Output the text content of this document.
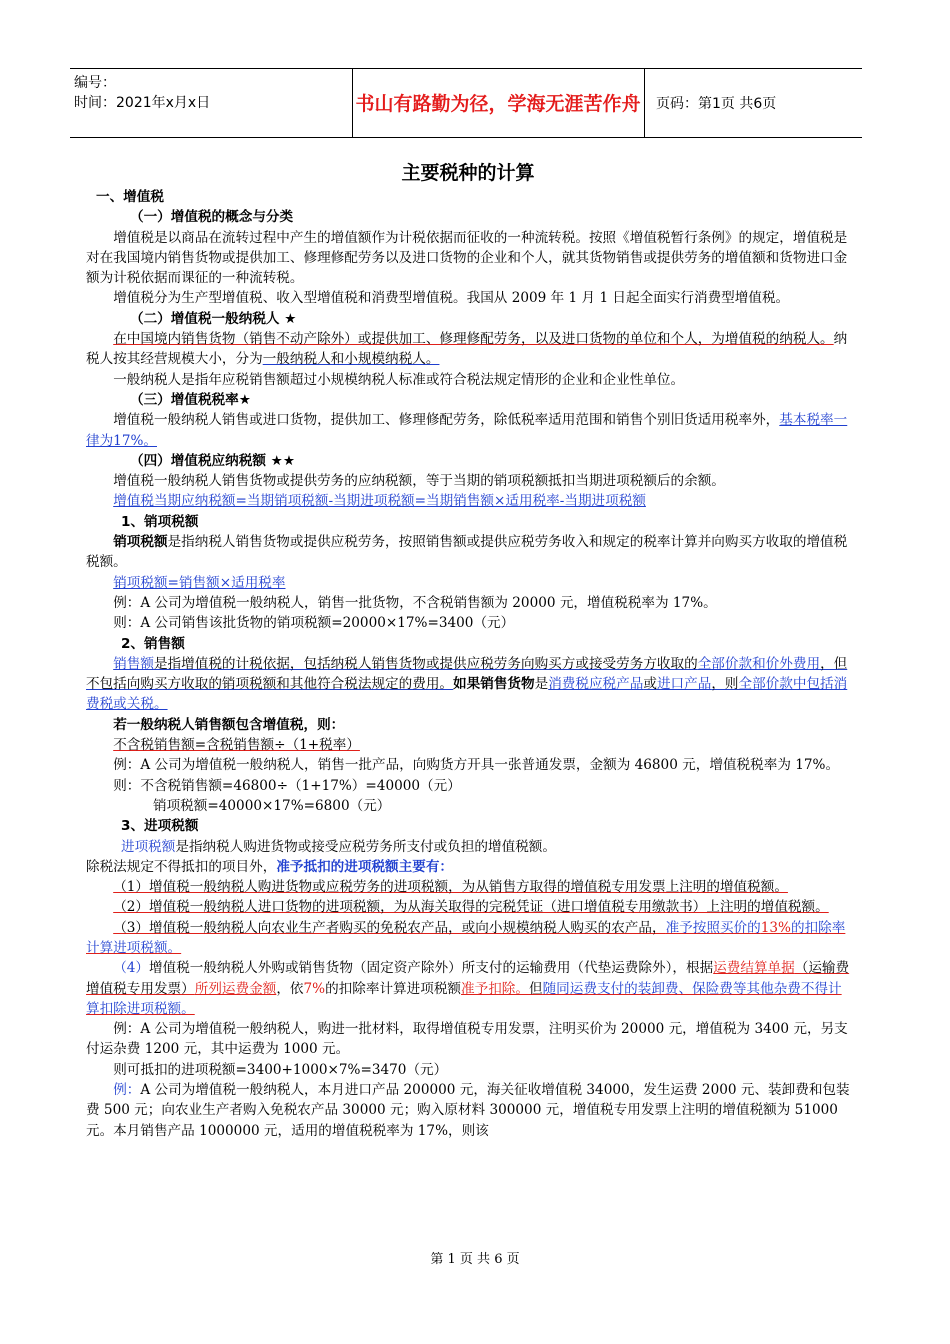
编号：
时间：2021年x月x日	书山有路勤为径，学海无涯苦作舟 页码：第1页 共6页
主要税种的计算

一、增值税

（一）增值税的概念与分类

增值税是以商品在流转过程中产生的增值额作为计税依据而征收的一种流转税。按照《增值税暂行条例》的规定，增值税是对在我国境内销售货物或提供加工、修理修配劳务以及进口货物的企业和个人，就其货物销售或提供劳务的增值额和货物进口金额为计税依据而课征的一种流转税。

增值税分为生产型增值税、收入型增值税和消费型增值税。我国从 2009 年 1 月 1 日起全面实行消费型增值税。

（二）增值税一般纳税人 ★

在中国境内销售货物（销售不动产除外）或提供加工、修理修配劳务，以及进口货物的单位和个人，为增值税的纳税人。纳税人按其经营规模大小，分为一般纳税人和小规模纳税人。

一般纳税人是指年应税销售额超过小规模纳税人标准或符合税法规定情形的企业和企业性单位。

（三）增值税税率★

增值税一般纳税人销售或进口货物，提供加工、修理修配劳务，除低税率适用范围和销售个别旧货适用税率外，基本税率一律为17%。

（四）增值税应纳税额 ★★

增值税一般纳税人销售货物或提供劳务的应纳税额，等于当期的销项税额抵扣当期进项税额后的余额。

增值税当期应纳税额=当期销项税额-当期进项税额=当期销售额×适用税率-当期进项税额

1、销项税额

销项税额是指纳税人销售货物或提供应税劳务，按照销售额或提供应税劳务收入和规定的税率计算并向购买方收取的增值税税额。

销项税额=销售额×适用税率

例：A 公司为增值税一般纳税人，销售一批货物，不含税销售额为 20000 元，增值税税率为 17%。

则：A 公司销售该批货物的销项税额=20000×17%=3400（元）

2、销售额

销售额是指增值税的计税依据，包括纳税人销售货物或提供应税劳务向购买方或接受劳务方收取的全部价款和价外费用，但不包括向购买方收取的销项税额和其他符合税法规定的费用。如果销售货物是消费税应税产品或进口产品，则全部价款中包括消费税或关税。

若一般纳税人销售额包含增值税，则：

不含税销售额=含税销售额÷（1+税率）

例：A 公司为增值税一般纳税人，销售一批产品，向购货方开具一张普通发票，金额为 46800 元，增值税税率为 17%。

则：不含税销售额=46800÷（1+17%）=40000（元）

销项税额=40000×17%=6800（元）

3、进项税额

进项税额是指纳税人购进货物或接受应税劳务所支付或负担的增值税额。

除税法规定不得抵扣的项目外，准予抵扣的进项税额主要有：

（1）增值税一般纳税人购进货物或应税劳务的进项税额，为从销售方取得的增值税专用发票上注明的增值税额。

（2）增值税一般纳税人进口货物的进项税额，为从海关取得的完税凭证（进口增值税专用缴款书）上注明的增值税额。

（3）增值税一般纳税人向农业生产者购买的免税农产品，或向小规模纳税人购买的农产品，准予按照买价的13%的扣除率计算进项税额。

（4）增值税一般纳税人外购或销售货物（固定资产除外）所支付的运输费用（代垫运费除外），根据运费结算单据（运输费增值税专用发票）所列运费金额，依7%的扣除率计算进项税额准予扣除。但随同运费支付的装卸费、保险费等其他杂费不得计算扣除进项税额。

例：A 公司为增值税一般纳税人，购进一批材料，取得增值税专用发票，注明买价为 20000 元，增值税为 3400 元，另支付运杂费 1200 元，其中运费为 1000 元。

则可抵扣的进项税额=3400+1000×7%=3470（元）

例：A 公司为增值税一般纳税人，本月进口产品 200000 元，海关征收增值税 34000，发生运费 2000 元、装卸费和包装费 500 元；向农业生产者购入免税农产品 30000 元；购入原材料 300000 元，增值税专用发票上注明的增值税额为 51000 元。本月销售产品 1000000 元，适用的增值税税率为 17%，则该

第 1 页 共 6 页
